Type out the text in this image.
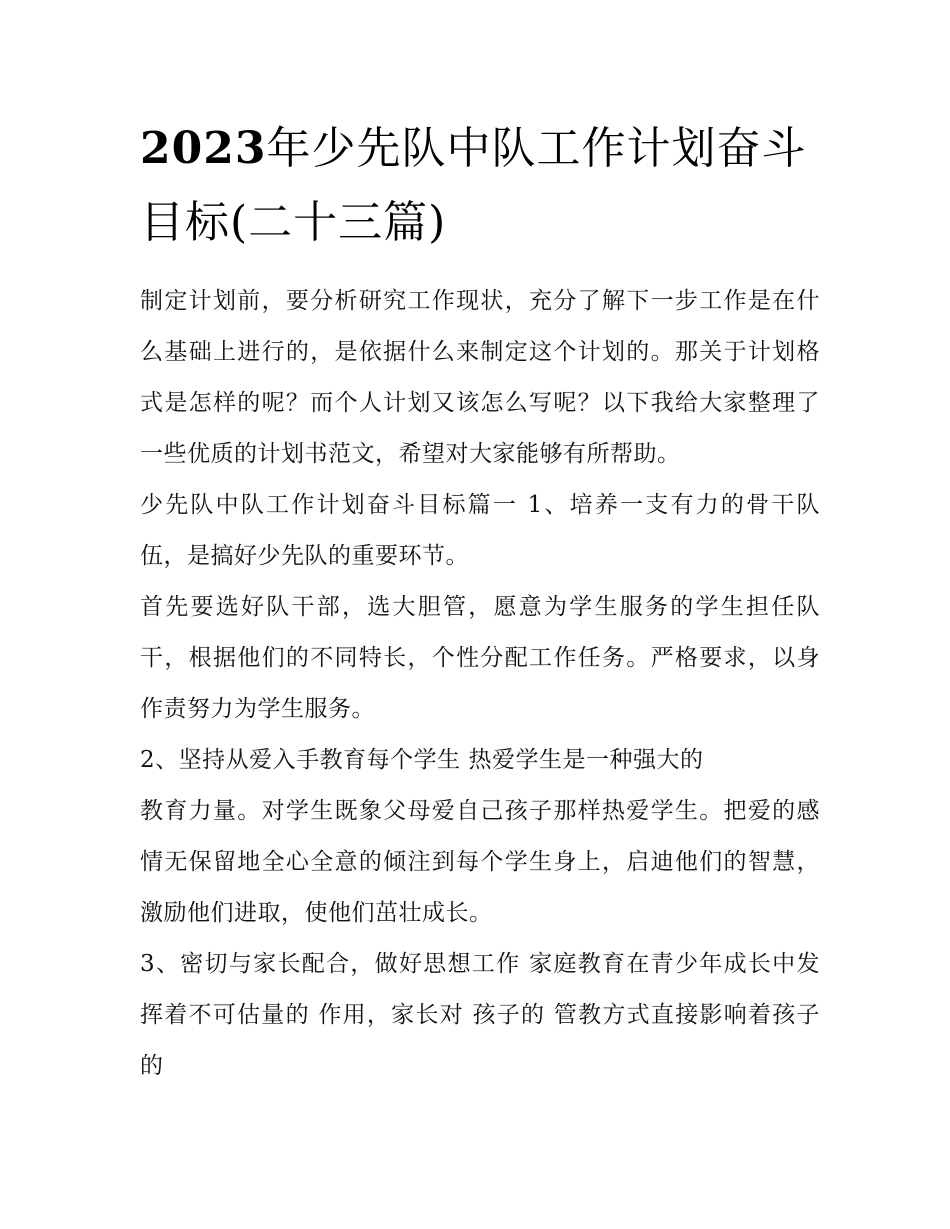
2023年少先队中队工作计划奋斗目标(二十三篇)

制定计划前，要分析研究工作现状，充分了解下一步工作是在什么基础上进行的，是依据什么来制定这个计划的。那关于计划格式是怎样的呢？而个人计划又该怎么写呢？以下我给大家整理了一些优质的计划书范文，希望对大家能够有所帮助。

少先队中队工作计划奋斗目标篇一 1、培养一支有力的骨干队伍，是搞好少先队的重要环节。

首先要选好队干部，选大胆管，愿意为学生服务的学生担任队干，根据他们的不同特长，个性分配工作任务。严格要求，以身作责努力为学生服务。

2、坚持从爱入手教育每个学生 热爱学生是一种强大的

教育力量。对学生既象父母爱自己孩子那样热爱学生。把爱的感情无保留地全心全意的倾注到每个学生身上，启迪他们的智慧，激励他们进取，使他们茁壮成长。

3、密切与家长配合，做好思想工作 家庭教育在青少年成长中发挥着不可估量的 作用，家长对 孩子的 管教方式直接影响着孩子的
